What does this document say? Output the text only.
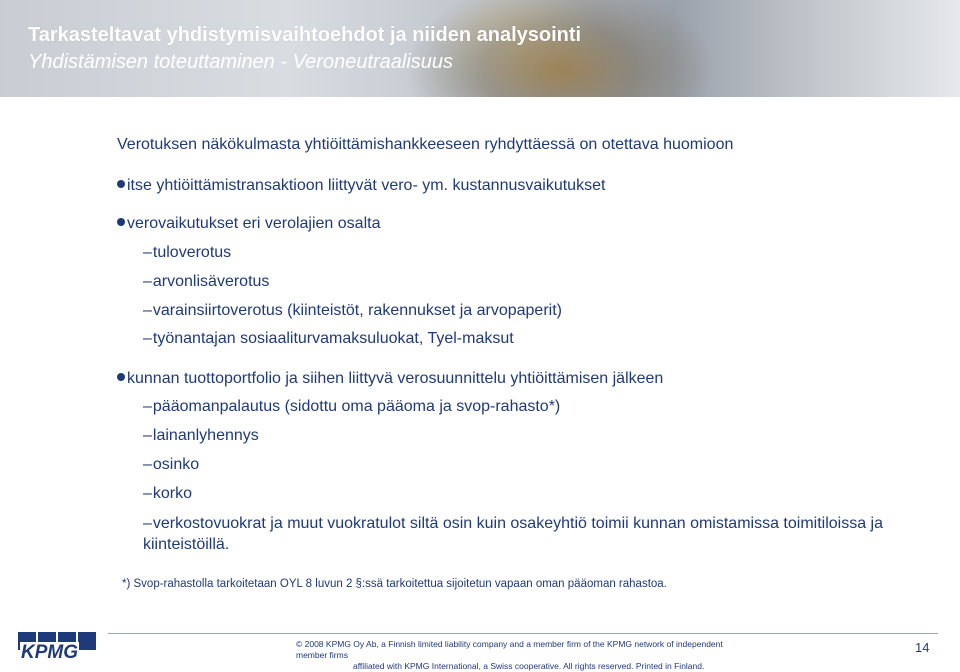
Tarkasteltavat yhdistymisvaihtoehdot ja niiden analysointi
Yhdistämisen toteuttaminen - Veroneutraalisuus
Verotuksen näkökulmasta yhtiöittämishankkeeseen ryhdyttäessä on otettava huomioon
itse yhtiöittämistransaktioon liittyvät vero- ym. kustannusvaikutukset
verovaikutukset eri verolajien osalta
–tuloverotus
–arvonlisäverotus
–varainsiirtoverotus (kiinteistöt, rakennukset ja arvopaperit)
–työnantajan sosiaaliturvamaksuluokat, Tyel-maksut
kunnan tuottoportfolio ja siihen liittyvä verosuunnittelu yhtiöittämisen jälkeen
–pääomanpalautus (sidottu oma pääoma ja svop-rahasto*)
–lainanlyhennys
–osinko
–korko
–verkostovuokrat ja muut vuokratulot siltä osin kuin osakeyhtiö toimii kunnan omistamissa toimitiloissa ja kiinteistöillä.
*) Svop-rahastolla tarkoitetaan OYL 8 luvun 2 §:ssä tarkoitettua sijoitetun vapaan oman pääoman rahastoa.
KPMG	© 2008 KPMG Oy Ab, a Finnish limited liability company and a member firm of the KPMG network of independent member firms
affiliated with KPMG International, a Swiss cooperative. All rights reserved. Printed in Finland.
14
